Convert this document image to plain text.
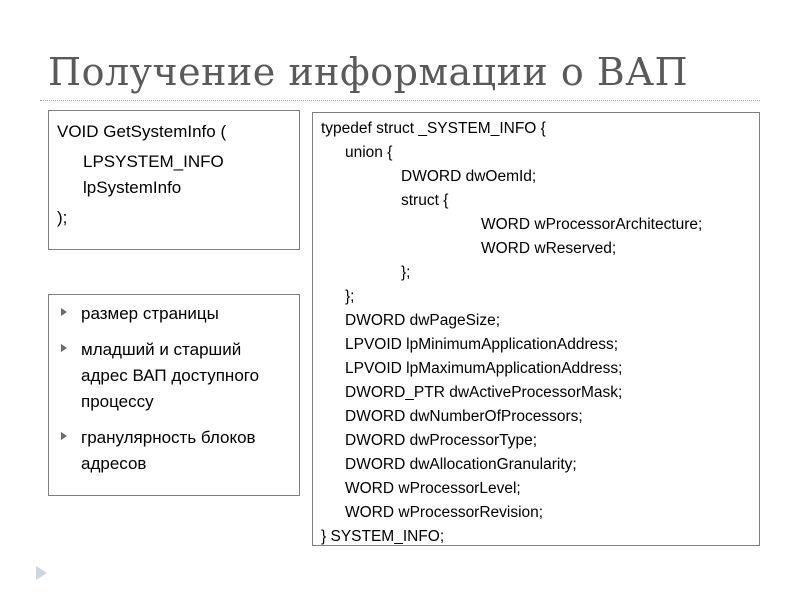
Получение информации о ВАП
VOID GetSystemInfo (
LPSYSTEM_INFO
lpSystemInfo
);
размер страницы
младший и старший адрес ВАП доступного процессу
гранулярность блоков адресов
typedef struct _SYSTEM_INFO {
union {
DWORD dwOemId;
struct {
WORD wProcessorArchitecture;
WORD wReserved;
};
};
DWORD dwPageSize;
LPVOID lpMinimumApplicationAddress;
LPVOID lpMaximumApplicationAddress;
DWORD_PTR dwActiveProcessorMask;
DWORD dwNumberOfProcessors;
DWORD dwProcessorType;
DWORD dwAllocationGranularity;
WORD wProcessorLevel;
WORD wProcessorRevision;
} SYSTEM_INFO;
